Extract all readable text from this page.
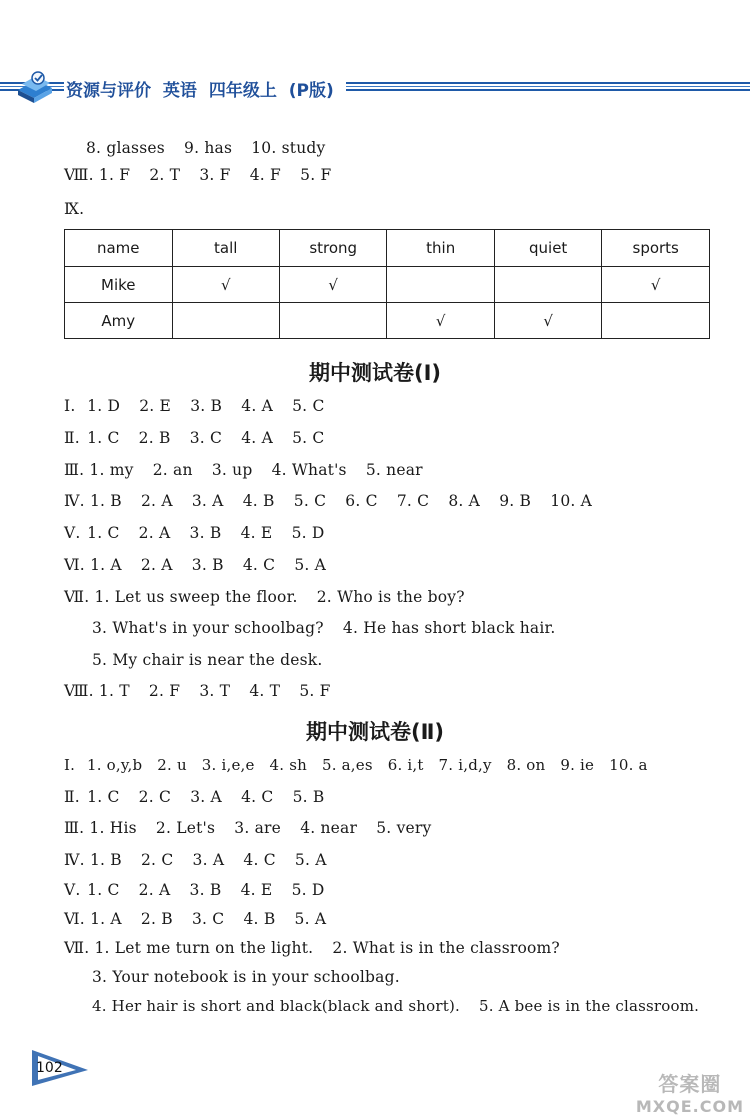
资源与评价 英语 四年级上 (P版)
8. glasses 9. has 10. study
Ⅷ. 1. F 2. T 3. F 4. F 5. F
Ⅸ.
name	tall	strong	thin	quiet	sports
Mike	√	√			√
Amy			√	√	
期中测试卷(Ⅰ)
Ⅰ. 1. D 2. E 3. B 4. A 5. C
Ⅱ. 1. C 2. B 3. C 4. A 5. C
Ⅲ. 1. my 2. an 3. up 4. What's 5. near
Ⅳ. 1. B 2. A 3. A 4. B 5. C 6. C 7. C 8. A 9. B 10. A
Ⅴ. 1. C 2. A 3. B 4. E 5. D
Ⅵ. 1. A 2. A 3. B 4. C 5. A
Ⅶ. 1. Let us sweep the floor. 2. Who is the boy?
3. What's in your schoolbag? 4. He has short black hair.
5. My chair is near the desk.
Ⅷ. 1. T 2. F 3. T 4. T 5. F
期中测试卷(Ⅱ)
Ⅰ. 1. o,y,b 2. u 3. i,e,e 4. sh 5. a,es 6. i,t 7. i,d,y 8. on 9. ie 10. a
Ⅱ. 1. C 2. C 3. A 4. C 5. B
Ⅲ. 1. His 2. Let's 3. are 4. near 5. very
Ⅳ. 1. B 2. C 3. A 4. C 5. A
Ⅴ. 1. C 2. A 3. B 4. E 5. D
Ⅵ. 1. A 2. B 3. C 4. B 5. A
Ⅶ. 1. Let me turn on the light. 2. What is in the classroom?
3. Your notebook is in your schoolbag.
4. Her hair is short and black(black and short). 5. A bee is in the classroom.
102
答案圈
MXQE.COM
